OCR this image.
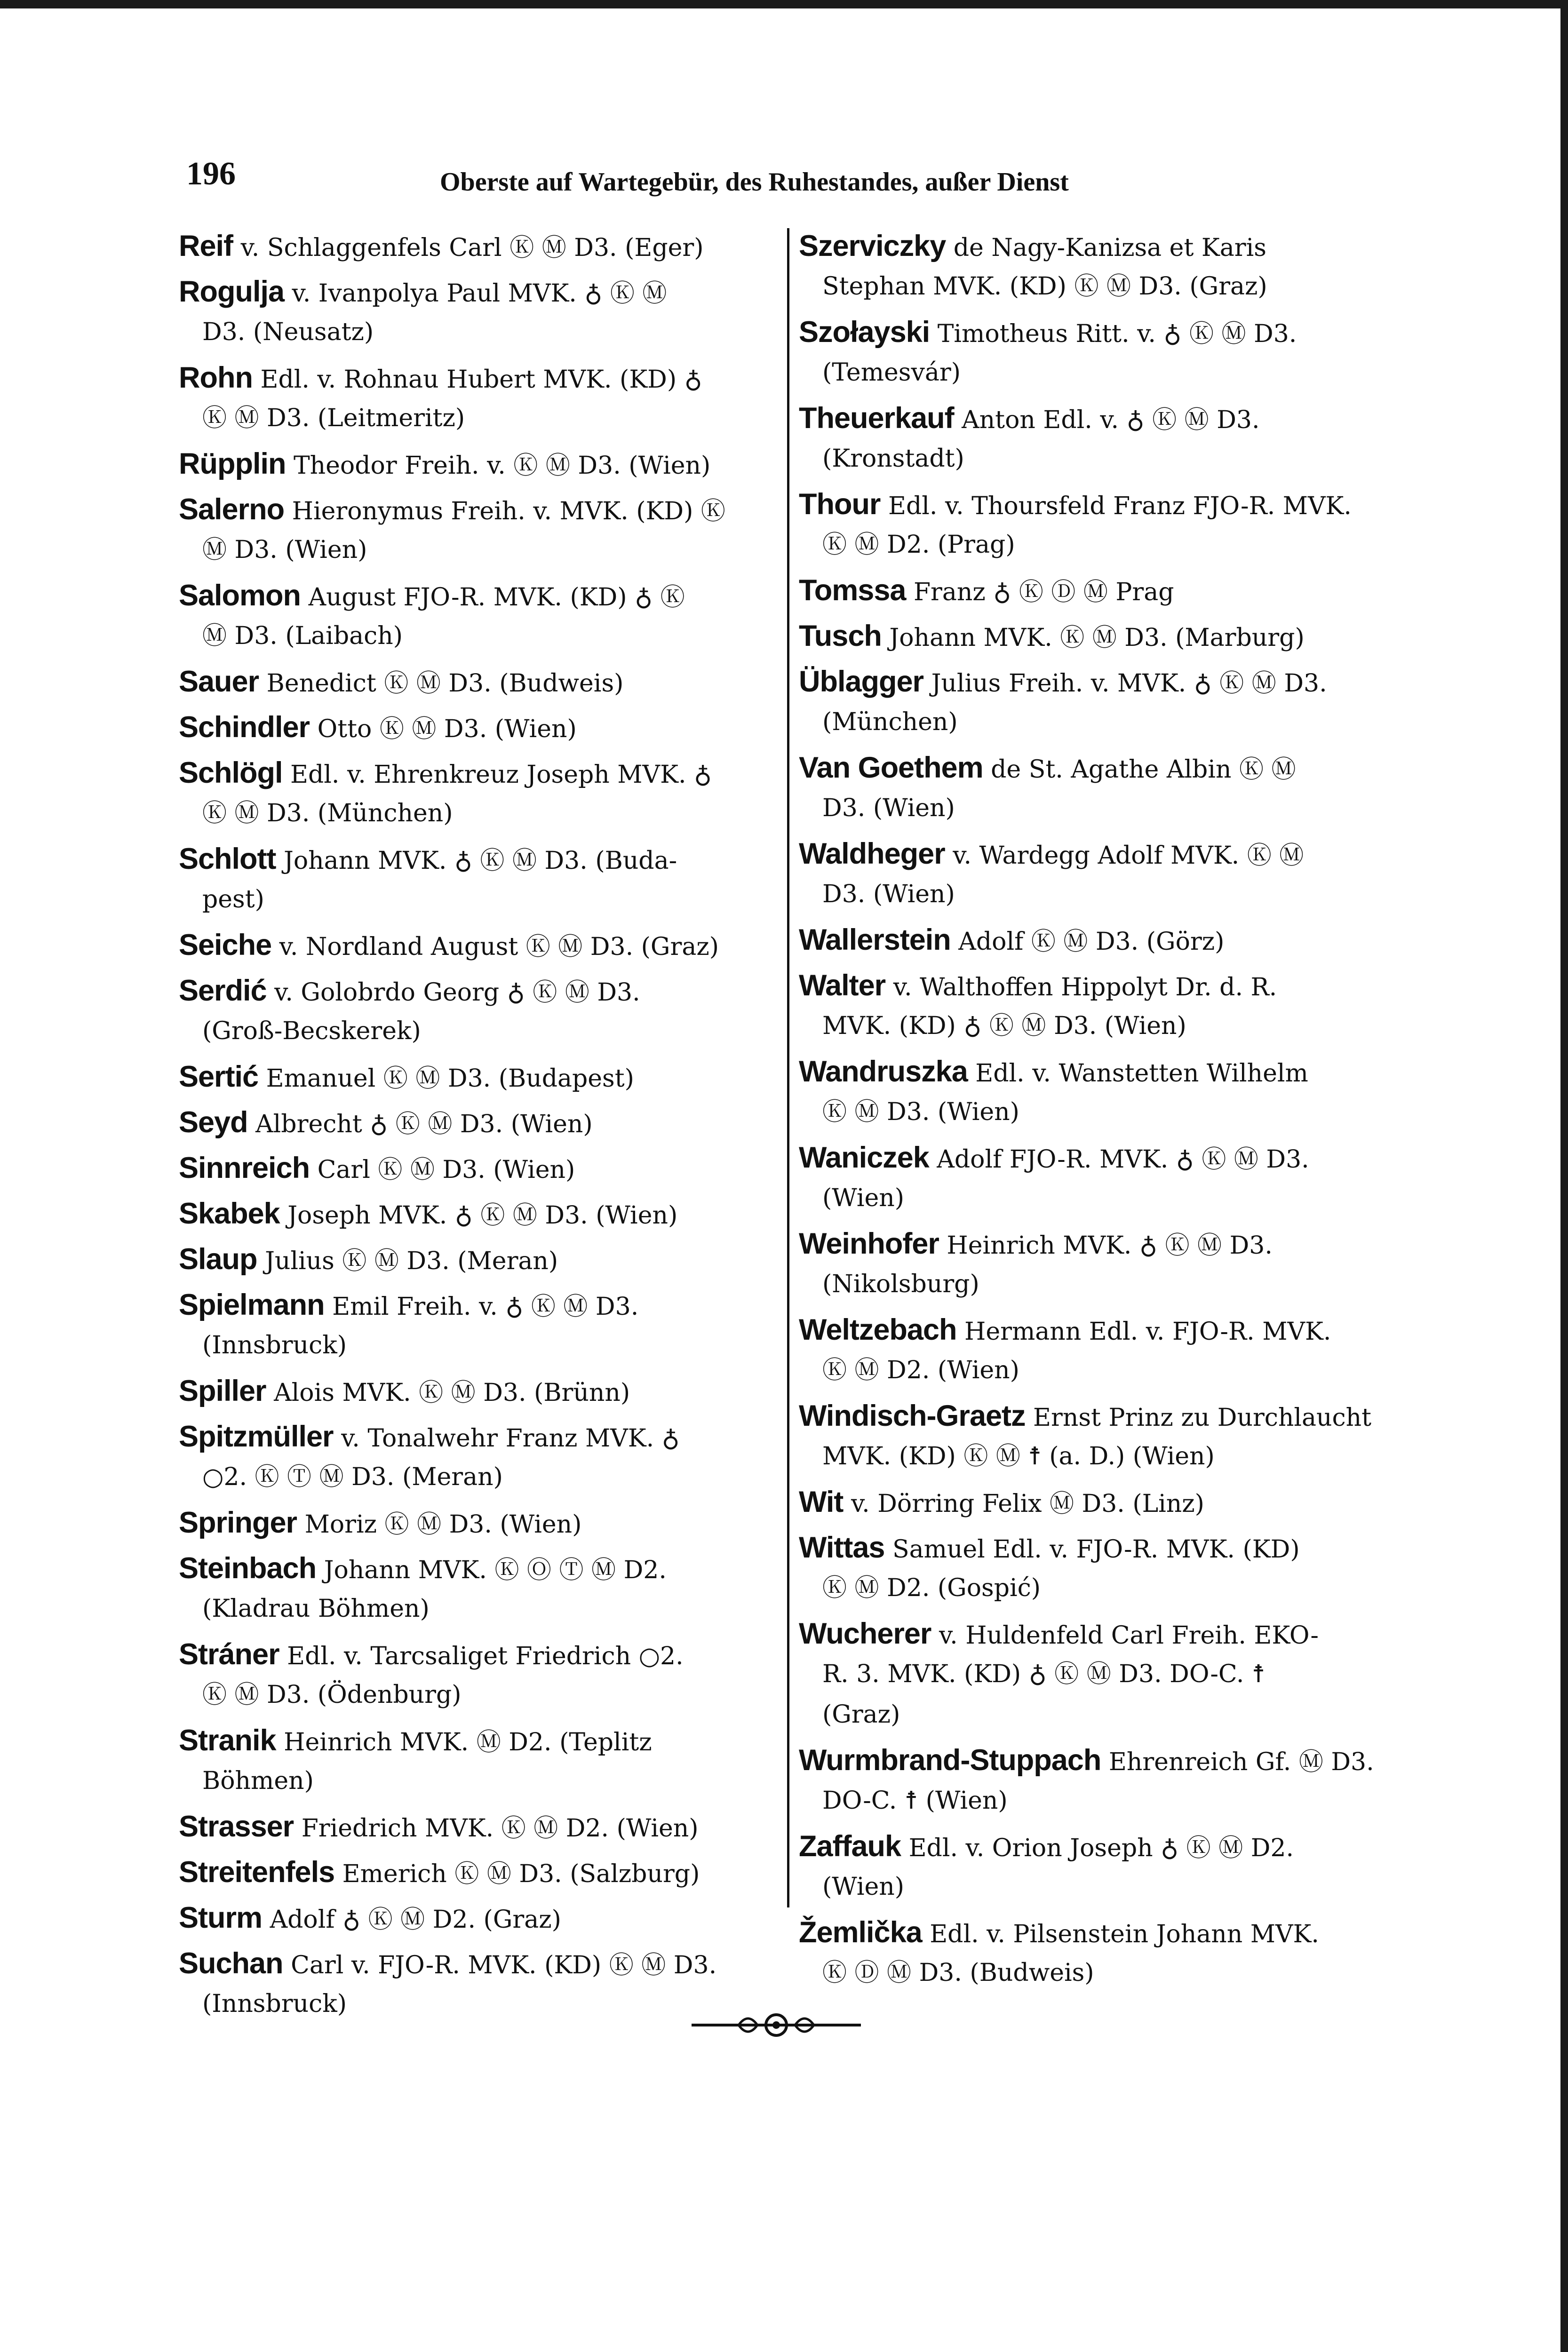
196	Oberste auf Wartegebür, des Ruhestandes, außer Dienst
Reif v. Schlaggenfels Carl Ⓚ Ⓜ D3. (Eger)
Rogulja v. Ivanpolya Paul MVK. ♁ Ⓚ Ⓜ
D3. (Neusatz)
Rohn Edl. v. Rohnau Hubert MVK. (KD) ♁
Ⓚ Ⓜ D3. (Leitmeritz)
Rüpplin Theodor Freih. v. Ⓚ Ⓜ D3. (Wien)
Salerno Hieronymus Freih. v. MVK. (KD) Ⓚ
Ⓜ D3. (Wien)
Salomon August FJO-R. MVK. (KD) ♁ Ⓚ
Ⓜ D3. (Laibach)
Sauer Benedict Ⓚ Ⓜ D3. (Budweis)
Schindler Otto Ⓚ Ⓜ D3. (Wien)
Schlögl Edl. v. Ehrenkreuz Joseph MVK. ♁
Ⓚ Ⓜ D3. (München)
Schlott Johann MVK. ♁ Ⓚ Ⓜ D3. (Buda-
pest)
Seiche v. Nordland August Ⓚ Ⓜ D3. (Graz)
Serdić v. Golobrdo Georg ♁ Ⓚ Ⓜ D3.
(Groß-Becskerek)
Sertić Emanuel Ⓚ Ⓜ D3. (Budapest)
Seyd Albrecht ♁ Ⓚ Ⓜ D3. (Wien)
Sinnreich Carl Ⓚ Ⓜ D3. (Wien)
Skabek Joseph MVK. ♁ Ⓚ Ⓜ D3. (Wien)
Slaup Julius Ⓚ Ⓜ D3. (Meran)
Spielmann Emil Freih. v. ♁ Ⓚ Ⓜ D3.
(Innsbruck)
Spiller Alois MVK. Ⓚ Ⓜ D3. (Brünn)
Spitzmüller v. Tonalwehr Franz MVK. ♁
○2. Ⓚ Ⓣ Ⓜ D3. (Meran)
Springer Moriz Ⓚ Ⓜ D3. (Wien)
Steinbach Johann MVK. Ⓚ Ⓞ Ⓣ Ⓜ D2.
(Kladrau Böhmen)
Stráner Edl. v. Tarcsaliget Friedrich ○2.
Ⓚ Ⓜ D3. (Ödenburg)
Stranik Heinrich MVK. Ⓜ D2. (Teplitz
Böhmen)
Strasser Friedrich MVK. Ⓚ Ⓜ D2. (Wien)
Streitenfels Emerich Ⓚ Ⓜ D3. (Salzburg)
Sturm Adolf ♁ Ⓚ Ⓜ D2. (Graz)
Suchan Carl v. FJO-R. MVK. (KD) Ⓚ Ⓜ D3.
(Innsbruck)
Szerviczky de Nagy-Kanizsa et Karis
Stephan MVK. (KD) Ⓚ Ⓜ D3. (Graz)
Szołayski Timotheus Ritt. v. ♁ Ⓚ Ⓜ D3.
(Temesvár)
Theuerkauf Anton Edl. v. ♁ Ⓚ Ⓜ D3.
(Kronstadt)
Thour Edl. v. Thoursfeld Franz FJO-R. MVK.
Ⓚ Ⓜ D2. (Prag)
Tomssa Franz ♁ Ⓚ Ⓓ Ⓜ Prag
Tusch Johann MVK. Ⓚ Ⓜ D3. (Marburg)
Üblagger Julius Freih. v. MVK. ♁ Ⓚ Ⓜ D3.
(München)
Van Goethem de St. Agathe Albin Ⓚ Ⓜ
D3. (Wien)
Waldheger v. Wardegg Adolf MVK. Ⓚ Ⓜ
D3. (Wien)
Wallerstein Adolf Ⓚ Ⓜ D3. (Görz)
Walter v. Walthoffen Hippolyt Dr. d. R.
MVK. (KD) ♁ Ⓚ Ⓜ D3. (Wien)
Wandruszka Edl. v. Wanstetten Wilhelm
Ⓚ Ⓜ D3. (Wien)
Waniczek Adolf FJO-R. MVK. ♁ Ⓚ Ⓜ D3.
(Wien)
Weinhofer Heinrich MVK. ♁ Ⓚ Ⓜ D3.
(Nikolsburg)
Weltzebach Hermann Edl. v. FJO-R. MVK.
Ⓚ Ⓜ D2. (Wien)
Windisch-Graetz Ernst Prinz zu Durchlaucht
MVK. (KD) Ⓚ Ⓜ ☨ (a. D.) (Wien)
Wit v. Dörring Felix Ⓜ D3. (Linz)
Wittas Samuel Edl. v. FJO-R. MVK. (KD)
Ⓚ Ⓜ D2. (Gospić)
Wucherer v. Huldenfeld Carl Freih. EKO-
R. 3. MVK. (KD) ♁ Ⓚ Ⓜ D3. DO-C. ☨
(Graz)
Wurmbrand-Stuppach Ehrenreich Gf. Ⓜ D3.
DO-C. ☨ (Wien)
Zaffauk Edl. v. Orion Joseph ♁ Ⓚ Ⓜ D2.
(Wien)
Žemlička Edl. v. Pilsenstein Johann MVK.
Ⓚ Ⓓ Ⓜ D3. (Budweis)
